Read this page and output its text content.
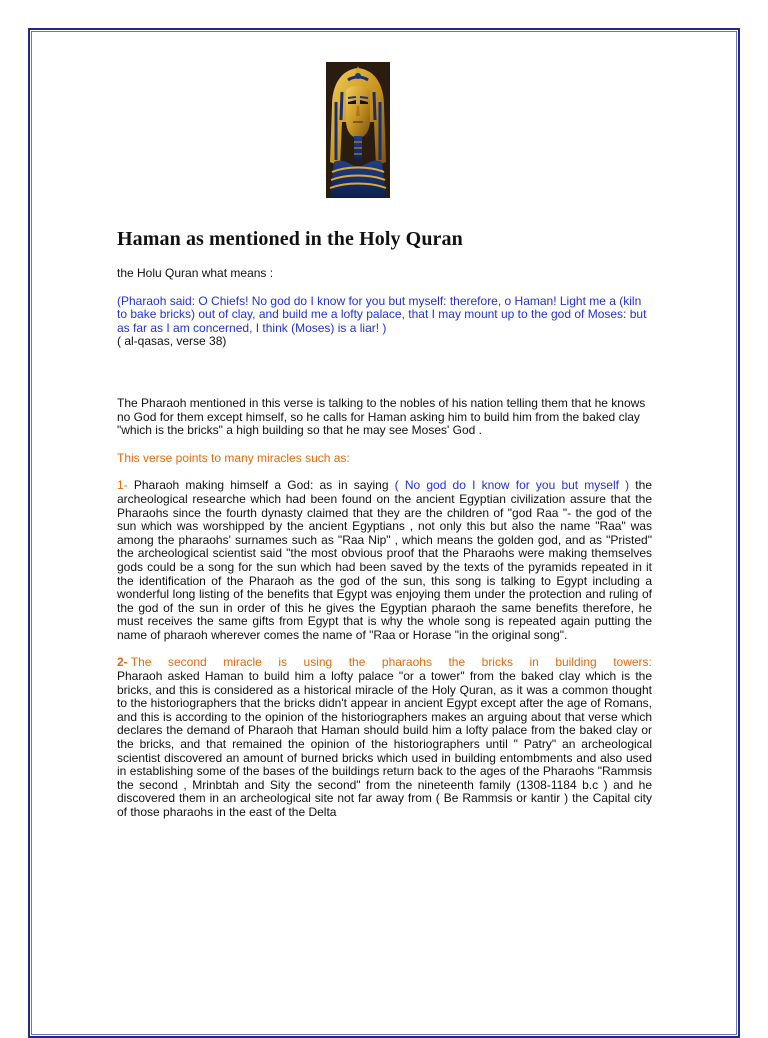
Haman as mentioned in the Holy Quran

the Holu Quran what means :

(Pharaoh said: O Chiefs! No god do I know for you but myself: therefore, o Haman! Light me a (kiln to bake bricks) out of clay, and build me a lofty palace, that I may mount up to the god of Moses: but as far as I am concerned, I think (Moses) is a liar! )

( al-qasas, verse 38)

The Pharaoh mentioned in this verse is talking to the nobles of his nation telling them that he knows no God for them except himself, so he calls for Haman asking him to build him from the baked clay "which is the bricks" a high building so that he may see Moses' God .

This verse points to many miracles such as:

1- Pharaoh making himself a God: as in saying ( No god do I know for you but myself ) the archeological researche which had been found on the ancient Egyptian civilization assure that the Pharaohs since the fourth dynasty claimed that they are the children of "god Raa "- the god of the sun which was worshipped by the ancient Egyptians , not only this but also the name "Raa" was among the pharaohs' surnames such as "Raa Nip" , which means the golden god, and as "Pristed" the archeological scientist said "the most obvious proof that the Pharaohs were making themselves gods could be a song for the sun which had been saved by the texts of the pyramids repeated in it the identification of the Pharaoh as the god of the sun, this song is talking to Egypt including a wonderful long listing of the benefits that Egypt was enjoying them under the protection and ruling of the god of the sun in order of this he gives the Egyptian pharaoh the same benefits therefore, he must receives the same gifts from Egypt that is why the whole song is repeated again putting the name of pharaoh wherever comes the name of "Raa or Horase "in the original song".

2- The second miracle is using the pharaohs the bricks in building towers:

Pharaoh asked Haman to build him a lofty palace "or a tower" from the baked clay which is the bricks, and this is considered as a historical miracle of the Holy Quran, as it was a common thought to the historiographers that the bricks didn't appear in ancient Egypt except after the age of Romans, and this is according to the opinion of the historiographers makes an arguing about that verse which declares the demand of Pharaoh that Haman should build him a lofty palace from the baked clay or the bricks, and that remained the opinion of the historiographers until " Patry" an archeological scientist discovered an amount of burned bricks which used in building entombments and also used in establishing some of the bases of the buildings return back to the ages of the Pharaohs "Rammsis the second , Mrinbtah and Sity the second" from the nineteenth family (1308-1184 b.c ) and he discovered them in an archeological site not far away from ( Be Rammsis or kantir ) the Capital city of those pharaohs in the east of the Delta
